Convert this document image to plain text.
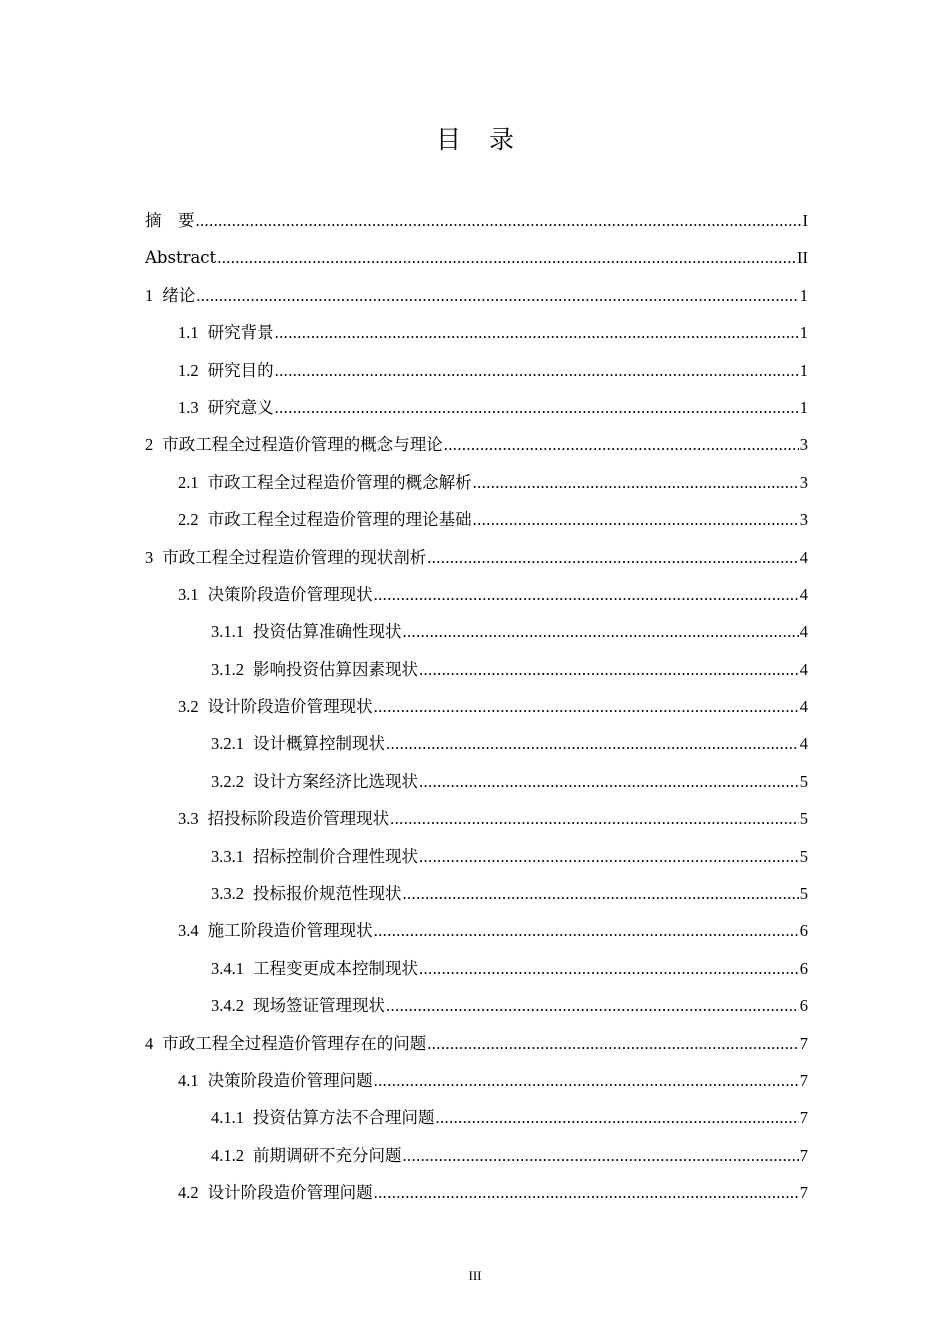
目录
摘　要 .....	I
Abstract .....	II
1 绪论 .....	1
1.1 研究背景 .....	1
1.2 研究目的 .....	1
1.3 研究意义 .....	1
2 市政工程全过程造价管理的概念与理论 .....	3
2.1 市政工程全过程造价管理的概念解析 .....	3
2.2 市政工程全过程造价管理的理论基础 .....	3
3 市政工程全过程造价管理的现状剖析 .....	4
3.1 决策阶段造价管理现状 .....	4
3.1.1 投资估算准确性现状 .....	4
3.1.2 影响投资估算因素现状 .....	4
3.2 设计阶段造价管理现状 .....	4
3.2.1 设计概算控制现状 .....	4
3.2.2 设计方案经济比选现状 .....	5
3.3 招投标阶段造价管理现状 .....	5
3.3.1 招标控制价合理性现状 .....	5
3.3.2 投标报价规范性现状 .....	5
3.4 施工阶段造价管理现状 .....	6
3.4.1 工程变更成本控制现状 .....	6
3.4.2 现场签证管理现状 .....	6
4 市政工程全过程造价管理存在的问题 .....	7
4.1 决策阶段造价管理问题 .....	7
4.1.1 投资估算方法不合理问题 .....	7
4.1.2 前期调研不充分问题 .....	7
4.2 设计阶段造价管理问题 .....	7
III
